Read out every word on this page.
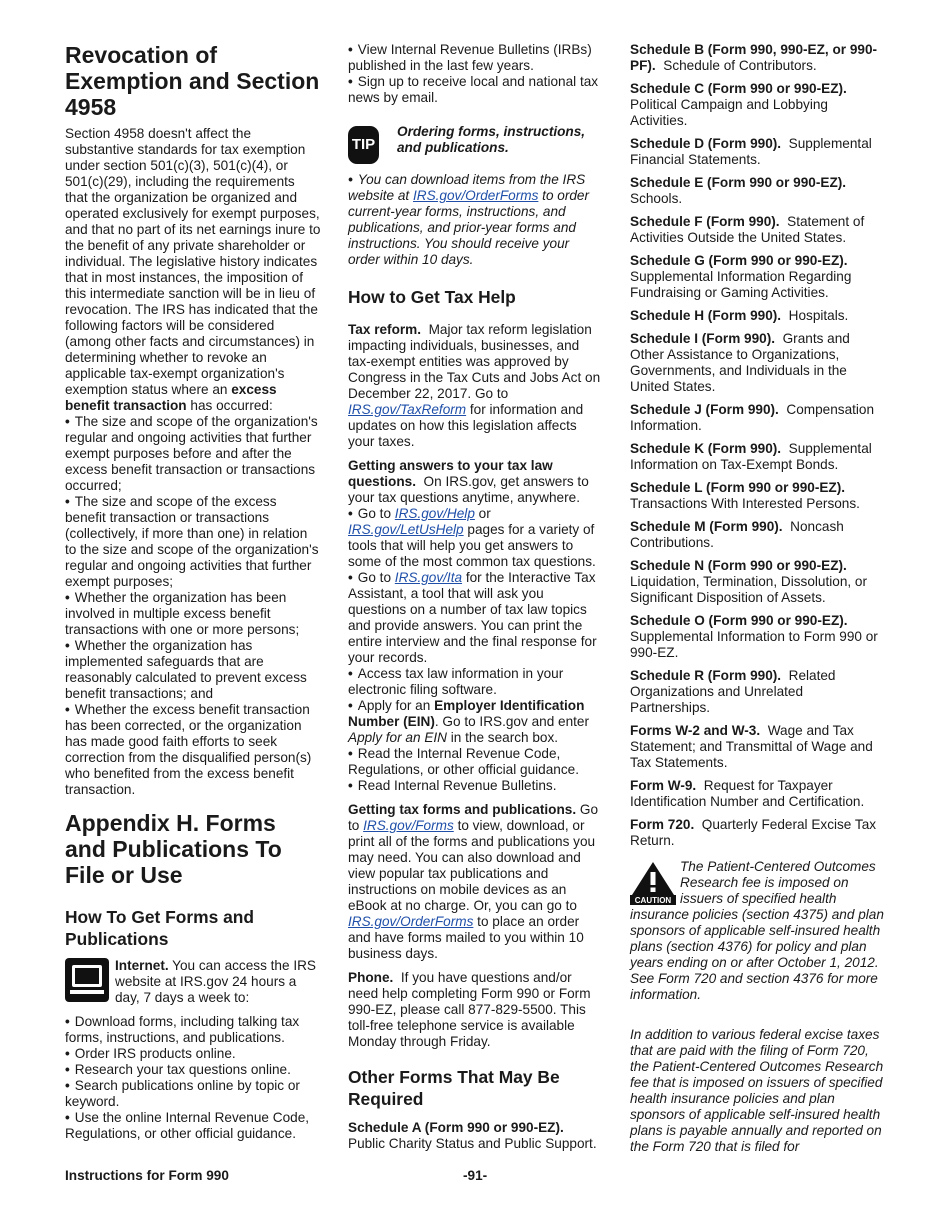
Revocation of Exemption and Section 4958

Section 4958 doesn't affect the substantive standards for tax exemption under section 501(c)(3), 501(c)(4), or 501(c)(29), including the requirements that the organization be organized and operated exclusively for exempt purposes, and that no part of its net earnings inure to the benefit of any private shareholder or individual. The legislative history indicates that in most instances, the imposition of this intermediate sanction will be in lieu of revocation. The IRS has indicated that the following factors will be considered (among other facts and circumstances) in determining whether to revoke an applicable tax-exempt organization's exemption status where an excess benefit transaction has occurred:

• The size and scope of the organization's regular and ongoing activities that further exempt purposes before and after the excess benefit transaction or transactions occurred;

• The size and scope of the excess benefit transaction or transactions (collectively, if more than one) in relation to the size and scope of the organization's regular and ongoing activities that further exempt purposes;

• Whether the organization has been involved in multiple excess benefit transactions with one or more persons;

• Whether the organization has implemented safeguards that are reasonably calculated to prevent excess benefit transactions; and

• Whether the excess benefit transaction has been corrected, or the organization has made good faith efforts to seek correction from the disqualified person(s) who benefited from the excess benefit transaction.

Appendix H. Forms and Publications To File or Use
How To Get Forms and Publications

Internet. You can access the IRS website at IRS.gov 24 hours a day, 7 days a week to:

• Download forms, including talking tax forms, instructions, and publications.

• Order IRS products online.

• Research your tax questions online.

• Search publications online by topic or keyword.

• Use the online Internal Revenue Code, Regulations, or other official guidance.

• View Internal Revenue Bulletins (IRBs) published in the last few years.

• Sign up to receive local and national tax news by email.

TIP

Ordering forms, instructions, and publications.

• You can download items from the IRS website at IRS.gov/OrderForms to order current-year forms, instructions, and publications, and prior-year forms and instructions. You should receive your order within 10 days.

How to Get Tax Help

Tax reform. Major tax reform legislation impacting individuals, businesses, and tax-exempt entities was approved by Congress in the Tax Cuts and Jobs Act on December 22, 2017. Go to IRS.gov/TaxReform for information and updates on how this legislation affects your taxes.

Getting answers to your tax law questions. On IRS.gov, get answers to your tax questions anytime, anywhere.

• Go to IRS.gov/Help or IRS.gov/LetUsHelp pages for a variety of tools that will help you get answers to some of the most common tax questions.

• Go to IRS.gov/Ita for the Interactive Tax Assistant, a tool that will ask you questions on a number of tax law topics and provide answers. You can print the entire interview and the final response for your records.

• Access tax law information in your electronic filing software.

• Apply for an Employer Identification Number (EIN). Go to IRS.gov and enter Apply for an EIN in the search box.

• Read the Internal Revenue Code, Regulations, or other official guidance.

• Read Internal Revenue Bulletins.

Getting tax forms and publications. Go to IRS.gov/Forms to view, download, or print all of the forms and publications you may need. You can also download and view popular tax publications and instructions on mobile devices as an eBook at no charge. Or, you can go to IRS.gov/OrderForms to place an order and have forms mailed to you within 10 business days.

Phone. If you have questions and/or need help completing Form 990 or Form 990-EZ, please call 877-829-5500. This toll-free telephone service is available Monday through Friday.

Other Forms That May Be Required

Schedule A (Form 990 or 990-EZ). Public Charity Status and Public Support.

Schedule B (Form 990, 990-EZ, or 990-PF). Schedule of Contributors.

Schedule C (Form 990 or 990-EZ).  Political Campaign and Lobbying Activities.

Schedule D (Form 990). Supplemental Financial Statements.

Schedule E (Form 990 or 990-EZ).  Schools.

Schedule F (Form 990). Statement of Activities Outside the United States.

Schedule G (Form 990 or 990-EZ).  Supplemental Information Regarding Fundraising or Gaming Activities.

Schedule H (Form 990). Hospitals.

Schedule I (Form 990). Grants and Other Assistance to Organizations, Governments, and Individuals in the United States.

Schedule J (Form 990). Compensation Information.

Schedule K (Form 990). Supplemental Information on Tax-Exempt Bonds.

Schedule L (Form 990 or 990-EZ).  Transactions With Interested Persons.

Schedule M (Form 990). Noncash Contributions.

Schedule N (Form 990 or 990-EZ).  Liquidation, Termination, Dissolution, or Significant Disposition of Assets.

Schedule O (Form 990 or 990-EZ).  Supplemental Information to Form 990 or 990-EZ.

Schedule R (Form 990). Related Organizations and Unrelated Partnerships.

Forms W-2 and W-3. Wage and Tax Statement; and Transmittal of Wage and Tax Statements.

Form W-9. Request for Taxpayer Identification Number and Certification.

Form 720. Quarterly Federal Excise Tax Return.

CAUTION

The Patient-Centered Outcomes Research fee is imposed on issuers of specified health insurance policies (section 4375) and plan sponsors of applicable self-insured health plans (section 4376) for policy and plan years ending on or after October 1, 2012. See Form 720 and section 4376 for more information.

In addition to various federal excise taxes that are paid with the filing of Form 720, the Patient-Centered Outcomes Research fee that is imposed on issuers of specified health insurance policies and plan sponsors of applicable self-insured health plans is payable annually and reported on the Form 720 that is filed for

Instructions for Form 990	-91-
